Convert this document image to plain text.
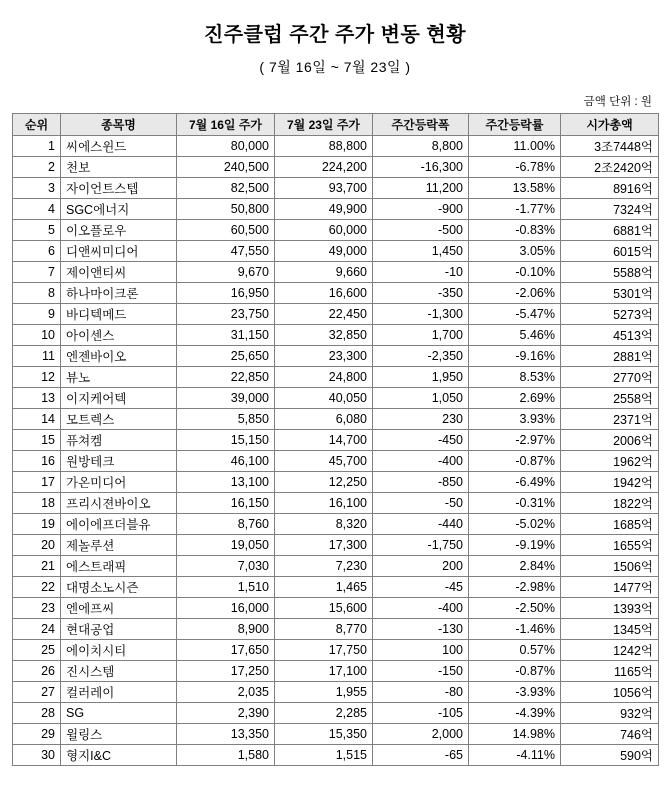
진주클럽 주간 주가 변동 현황
( 7월 16일 ~ 7월 23일 )
금액 단위 : 원
순위	종목명	7월 16일 주가	7월 23일 주가	주간등락폭	주간등락률	시가총액
1	씨에스윈드	80,000	88,800	8,800	11.00%	3조7448억
2	천보	240,500	224,200	-16,300	-6.78%	2조2420억
3	자이언트스텝	82,500	93,700	11,200	13.58%	8916억
4	SGC에너지	50,800	49,900	-900	-1.77%	7324억
5	이오플로우	60,500	60,000	-500	-0.83%	6881억
6	디앤씨미디어	47,550	49,000	1,450	3.05%	6015억
7	제이앤티씨	9,670	9,660	-10	-0.10%	5588억
8	하나마이크론	16,950	16,600	-350	-2.06%	5301억
9	바디텍메드	23,750	22,450	-1,300	-5.47%	5273억
10	아이센스	31,150	32,850	1,700	5.46%	4513억
11	엔젠바이오	25,650	23,300	-2,350	-9.16%	2881억
12	뷰노	22,850	24,800	1,950	8.53%	2770억
13	이지케어텍	39,000	40,050	1,050	2.69%	2558억
14	모트렉스	5,850	6,080	230	3.93%	2371억
15	퓨쳐켐	15,150	14,700	-450	-2.97%	2006억
16	원방테크	46,100	45,700	-400	-0.87%	1962억
17	가온미디어	13,100	12,250	-850	-6.49%	1942억
18	프리시젼바이오	16,150	16,100	-50	-0.31%	1822억
19	에이에프더블유	8,760	8,320	-440	-5.02%	1685억
20	제놀루션	19,050	17,300	-1,750	-9.19%	1655억
21	에스트래픽	7,030	7,230	200	2.84%	1506억
22	대명소노시즌	1,510	1,465	-45	-2.98%	1477억
23	엔에프씨	16,000	15,600	-400	-2.50%	1393억
24	현대공업	8,900	8,770	-130	-1.46%	1345억
25	에이치시티	17,650	17,750	100	0.57%	1242억
26	진시스템	17,250	17,100	-150	-0.87%	1165억
27	컬러레이	2,035	1,955	-80	-3.93%	1056억
28	SG	2,390	2,285	-105	-4.39%	932억
29	윌링스	13,350	15,350	2,000	14.98%	746억
30	형지I&C	1,580	1,515	-65	-4.11%	590억
